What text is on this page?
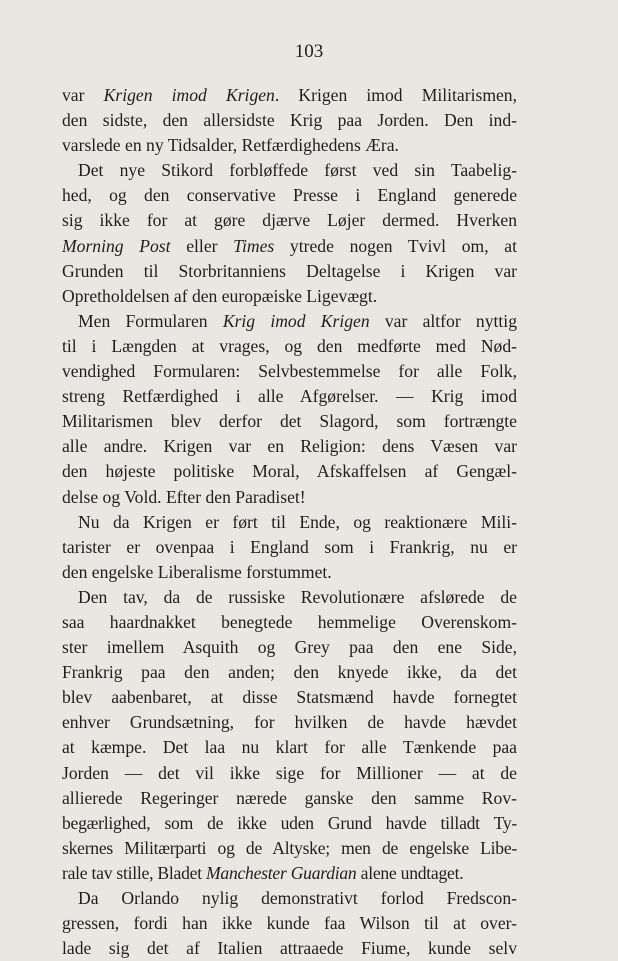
103
var Krigen imod Krigen. Krigen imod Militarismen,
den sidste, den allersidste Krig paa Jorden. Den ind-
varslede en ny Tidsalder, Retfærdighedens Æra.
Det nye Stikord forbløffede først ved sin Taabelig-
hed, og den conservative Presse i England generede
sig ikke for at gøre djærve Løjer dermed. Hverken
Morning Post eller Times ytrede nogen Tvivl om, at
Grunden til Storbritanniens Deltagelse i Krigen var
Opretholdelsen af den europæiske Ligevægt.
Men Formularen Krig imod Krigen var altfor nyttig
til i Længden at vrages, og den medførte med Nød-
vendighed Formularen: Selvbestemmelse for alle Folk,
streng Retfærdighed i alle Afgørelser. — Krig imod
Militarismen blev derfor det Slagord, som fortrængte
alle andre. Krigen var en Religion: dens Væsen var
den højeste politiske Moral, Afskaffelsen af Gengæl-
delse og Vold. Efter den Paradiset!
Nu da Krigen er ført til Ende, og reaktionære Mili-
tarister er ovenpaa i England som i Frankrig, nu er
den engelske Liberalisme forstummet.
Den tav, da de russiske Revolutionære afslørede de
saa haardnakket benegtede hemmelige Overenskom-
ster imellem Asquith og Grey paa den ene Side,
Frankrig paa den anden; den knyede ikke, da det
blev aabenbaret, at disse Statsmænd havde fornegtet
enhver Grundsætning, for hvilken de havde hævdet
at kæmpe. Det laa nu klart for alle Tænkende paa
Jorden — det vil ikke sige for Millioner — at de
allierede Regeringer nærede ganske den samme Rov-
begærlighed, som de ikke uden Grund havde tilladt Ty-
skernes Militærparti og de Altyske; men de engelske Libe-
rale tav stille, Bladet Manchester Guardian alene undtaget.
Da Orlando nylig demonstrativt forlod Fredscon-
gressen, fordi han ikke kunde faa Wilson til at over-
lade sig det af Italien attraaede Fiume, kunde selv
